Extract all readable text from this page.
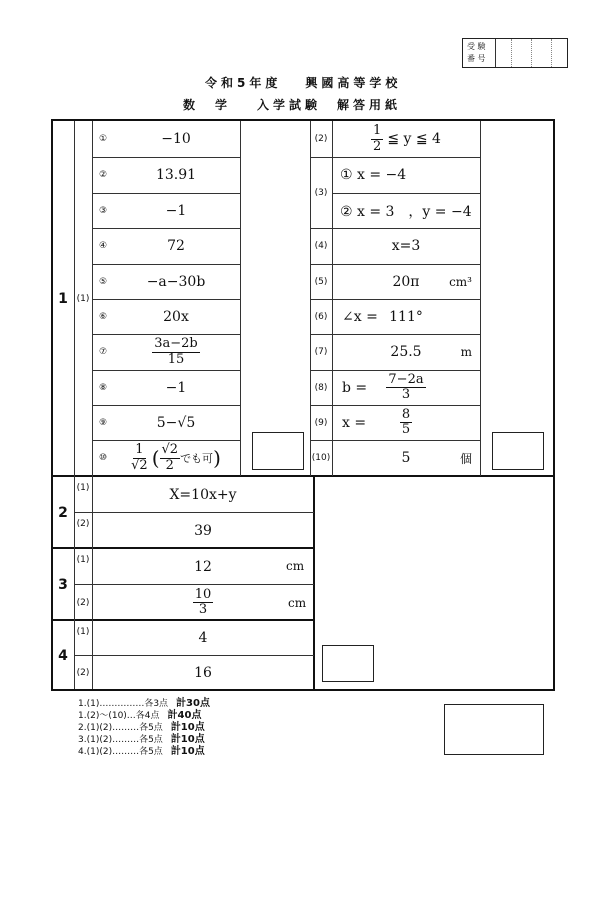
受 験
番 号
令和5年度 興國高等学校
数　学 入学試験　解答用紙
1 (1)
2
3
4
(1)	X=10x+y
(2)	39
(1)	12	cm
(2)	$\frac{10}{3}$	cm
(1)	4
(2)	16
1.(1)……………各3点 計30点
1.(2)〜(10)…各4点 計40点
2.(1)(2)………各5点 計10点
3.(1)(2)………各5点 計10点
4.(1)(2)………各5点 計10点
①	−10
②	13.91
③	−1
④	72
⑤	−a−30b
⑥	20x
⑦	$\frac{3a-2b}{15}$
⑧	−1
⑨	5−√5
⑩	$\frac{1}{√2}$ ( $\frac{√2}{2}$ でも可 )
(2)	$\frac{1}{2}$ ≦ y ≦ 4
(3)
① x = −4
② x = 3　，y = −4
(4)	x=3
(5)	20π cm³
(6)	∠x = 111°
(7)	25.5	m
(8)	$b = \frac{7-2a}{3}$
(9)	x =	$\frac{8}{5}$
(10)	5	個
